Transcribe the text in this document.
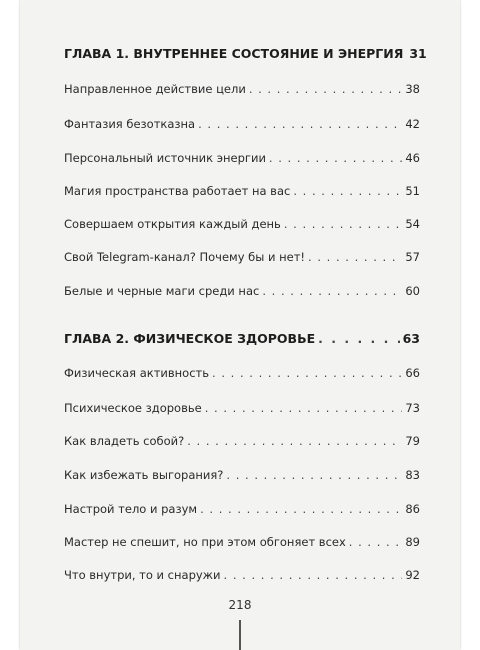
ГЛАВА 1. ВНУТРЕННЕЕ СОСТОЯНИЕ И ЭНЕРГИЯ 31
Направленное действие цели . . .	38
Фантазия безотказна . . .	42
Персональный источник энергии . . .	46
Магия пространства работает на вас . . .	51
Совершаем открытия каждый день . . .	54
Свой Telegram-канал? Почему бы и нет! . . .	57
Белые и черные маги среди нас . . .	60
ГЛАВА 2. ФИЗИЧЕСКОЕ ЗДОРОВЬЕ . . .	63
Физическая активность . . .	66
Психическое здоровье . . .	73
Как владеть собой? . . .	79
Как избежать выгорания? . . .	83
Настрой тело и разум . . .	86
Мастер не спешит, но при этом обгоняет всех . . .	89
Что внутри, то и снаружи . . .	92
218
